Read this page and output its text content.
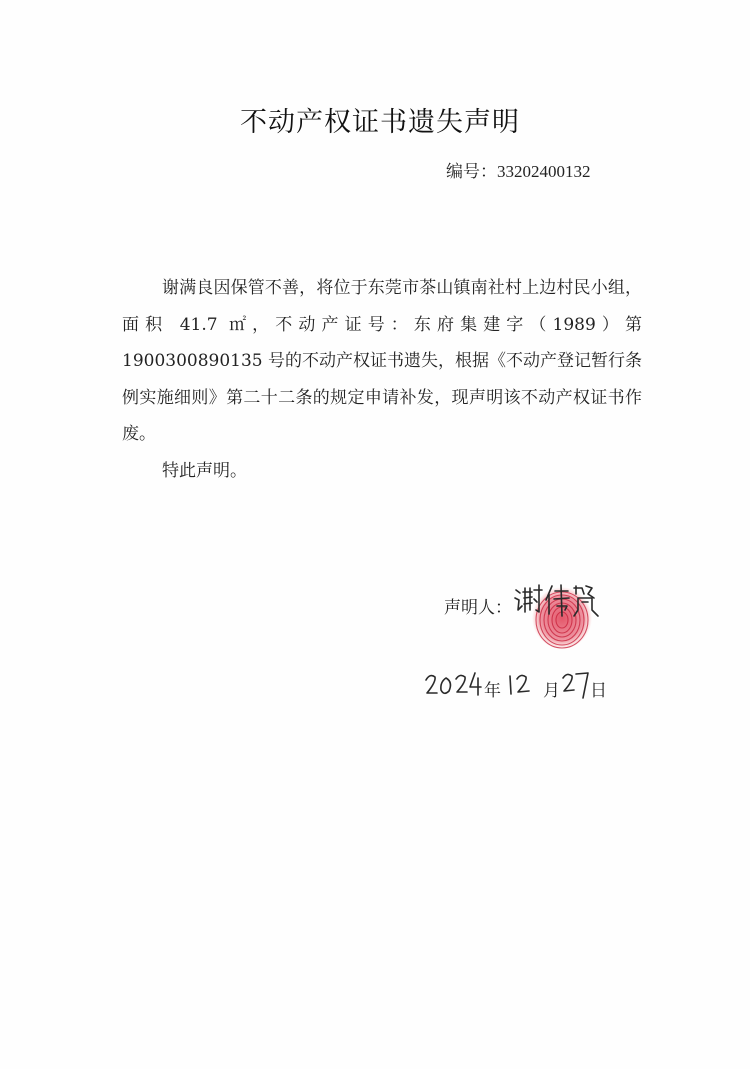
不动产权证书遗失声明
编号：33202400132

谢满良因保管不善，将位于东莞市茶山镇南社村上边村民小组，面积 41.7 ㎡，不动产证号：东府集建字（1989）第 1900300890135 号的不动产权证书遗失，根据《不动产登记暂行条例实施细则》第二十二条的规定申请补发，现声明该不动产权证书作废。

特此声明。

声明人：
年 月 日
